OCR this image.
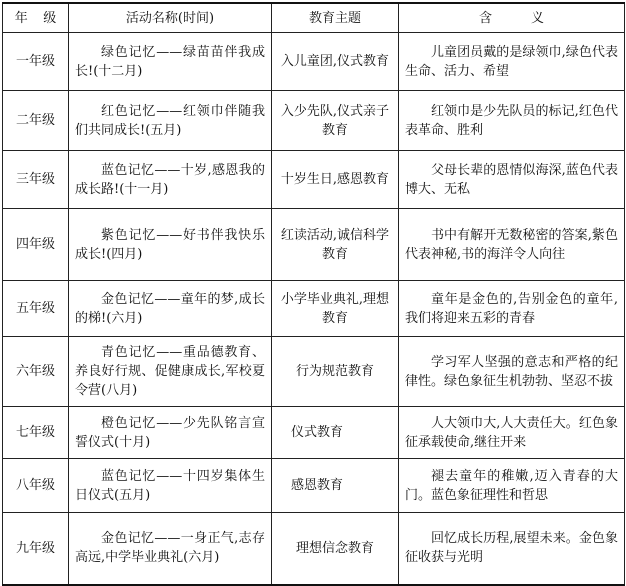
年 级	活动名称(时间)	教育主题	含 义
一年级	绿色记忆——绿苗苗伴我成长!(十二月)	入儿童团,仪式教育	儿童团员戴的是绿领巾,绿色代表生命、活力、希望
二年级	红色记忆——红领巾伴随我们共同成长!(五月)	入少先队,仪式亲子教育	红领巾是少先队员的标记,红色代表革命、胜利
三年级	蓝色记忆——十岁,感恩我的成长路!(十一月)	十岁生日,感恩教育	父母长辈的恩情似海深,蓝色代表博大、无私
四年级	紫色记忆——好书伴我快乐成长!(四月)	红读活动,诚信科学教育	书中有解开无数秘密的答案,紫色代表神秘,书的海洋令人向往
五年级	金色记忆——童年的梦,成长的梯!(六月)	小学毕业典礼,理想教育	童年是金色的,告别金色的童年,我们将迎来五彩的青春
六年级	青色记忆——重品德教育、养良好行规、促健康成长,军校夏令营(八月)	行为规范教育	学习军人坚强的意志和严格的纪律性。绿色象征生机勃勃、坚忍不拔
七年级	橙色记忆——少先队铭言宣誓仪式(十月)	仪式教育	人大领巾大,人大责任大。红色象征承载使命,继往开来
八年级	蓝色记忆——十四岁集体生日仪式(五月)	感恩教育	褪去童年的稚嫩,迈入青春的大门。蓝色象征理性和哲思
九年级	金色记忆——一身正气,志存高远,中学毕业典礼(六月)	理想信念教育	回忆成长历程,展望未来。金色象征收获与光明
